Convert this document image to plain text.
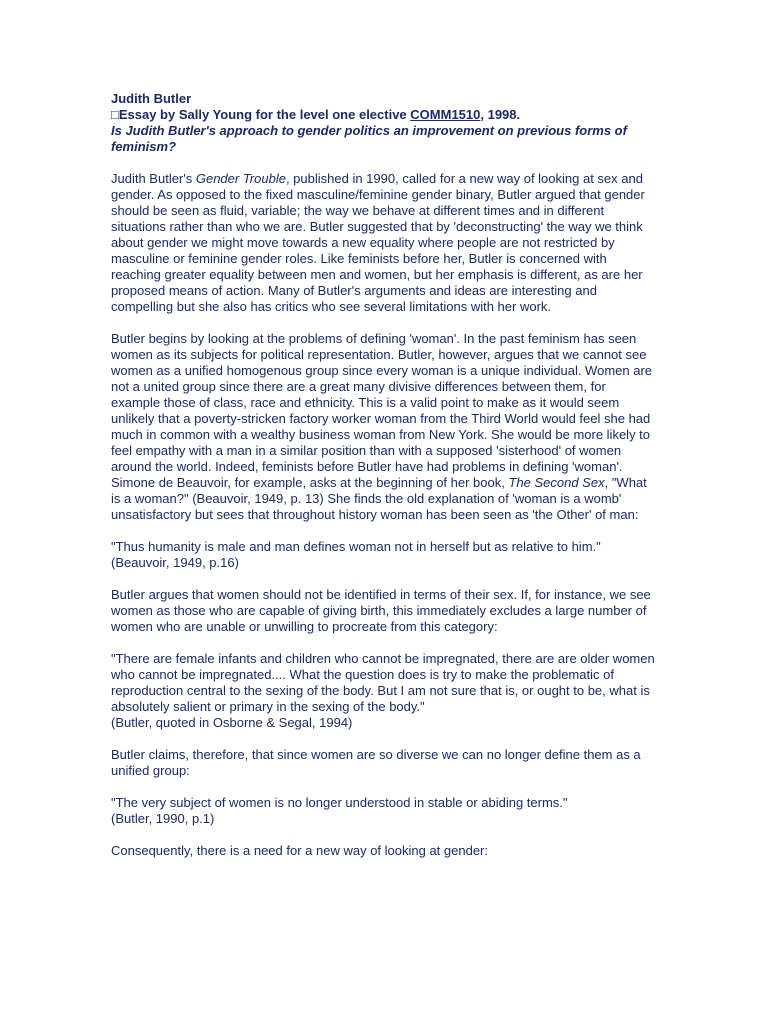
Judith Butler
□Essay by Sally Young for the level one elective COMM1510, 1998.
Is Judith Butler's approach to gender politics an improvement on previous forms of feminism?

Judith Butler's Gender Trouble, published in 1990, called for a new way of looking at sex and gender. As opposed to the fixed masculine/feminine gender binary, Butler argued that gender should be seen as fluid, variable; the way we behave at different times and in different situations rather than who we are. Butler suggested that by 'deconstructing' the way we think about gender we might move towards a new equality where people are not restricted by masculine or feminine gender roles. Like feminists before her, Butler is concerned with reaching greater equality between men and women, but her emphasis is different, as are her proposed means of action. Many of Butler's arguments and ideas are interesting and compelling but she also has critics who see several limitations with her work.

Butler begins by looking at the problems of defining 'woman'. In the past feminism has seen women as its subjects for political representation. Butler, however, argues that we cannot see women as a unified homogenous group since every woman is a unique individual. Women are not a united group since there are a great many divisive differences between them, for example those of class, race and ethnicity. This is a valid point to make as it would seem unlikely that a poverty-stricken factory worker woman from the Third World would feel she had much in common with a wealthy business woman from New York. She would be more likely to feel empathy with a man in a similar position than with a supposed 'sisterhood' of women around the world. Indeed, feminists before Butler have had problems in defining 'woman'. Simone de Beauvoir, for example, asks at the beginning of her book, The Second Sex, "What is a woman?" (Beauvoir, 1949, p. 13) She finds the old explanation of 'woman is a womb' unsatisfactory but sees that throughout history woman has been seen as 'the Other' of man:

"Thus humanity is male and man defines woman not in herself but as relative to him."
(Beauvoir, 1949, p.16)

Butler argues that women should not be identified in terms of their sex. If, for instance, we see women as those who are capable of giving birth, this immediately excludes a large number of women who are unable or unwilling to procreate from this category:

"There are female infants and children who cannot be impregnated, there are are older women who cannot be impregnated.... What the question does is try to make the problematic of reproduction central to the sexing of the body. But I am not sure that is, or ought to be, what is absolutely salient or primary in the sexing of the body."
(Butler, quoted in Osborne & Segal, 1994)

Butler claims, therefore, that since women are so diverse we can no longer define them as a unified group:

"The very subject of women is no longer understood in stable or abiding terms."
(Butler, 1990, p.1)

Consequently, there is a need for a new way of looking at gender:
